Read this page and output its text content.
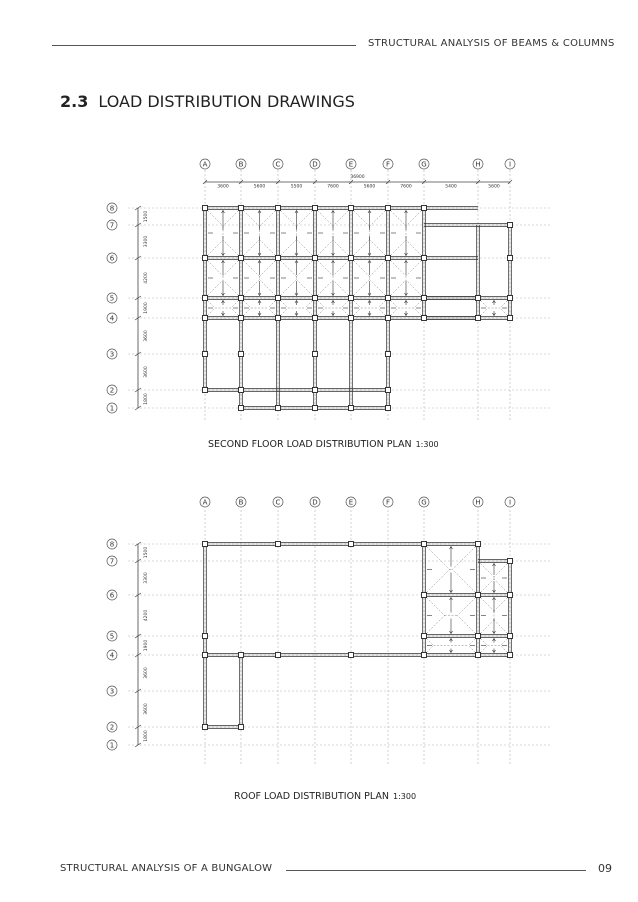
STRUCTURAL ANALYSIS OF BEAMS & COLUMNS
2.3 LOAD DISTRIBUTION DRAWINGS
A	B	C	D	E	F	G	H	I
8
7
6
5
4
3
2
1
1500
3300
4200
1900
3600
3600
1800
36900
3600	5600	5500	7600	5600	7600	5400	5600
SECOND FLOOR LOAD DISTRIBUTION PLAN 1:300
A	B	C	D	E	F	G	H	I
8
7
6
5
4
3
2
1
1500
3300
4200
1900
3600
3600
1800
ROOF LOAD DISTRIBUTION PLAN 1:300
STRUCTURAL ANALYSIS OF A BUNGALOW	09
